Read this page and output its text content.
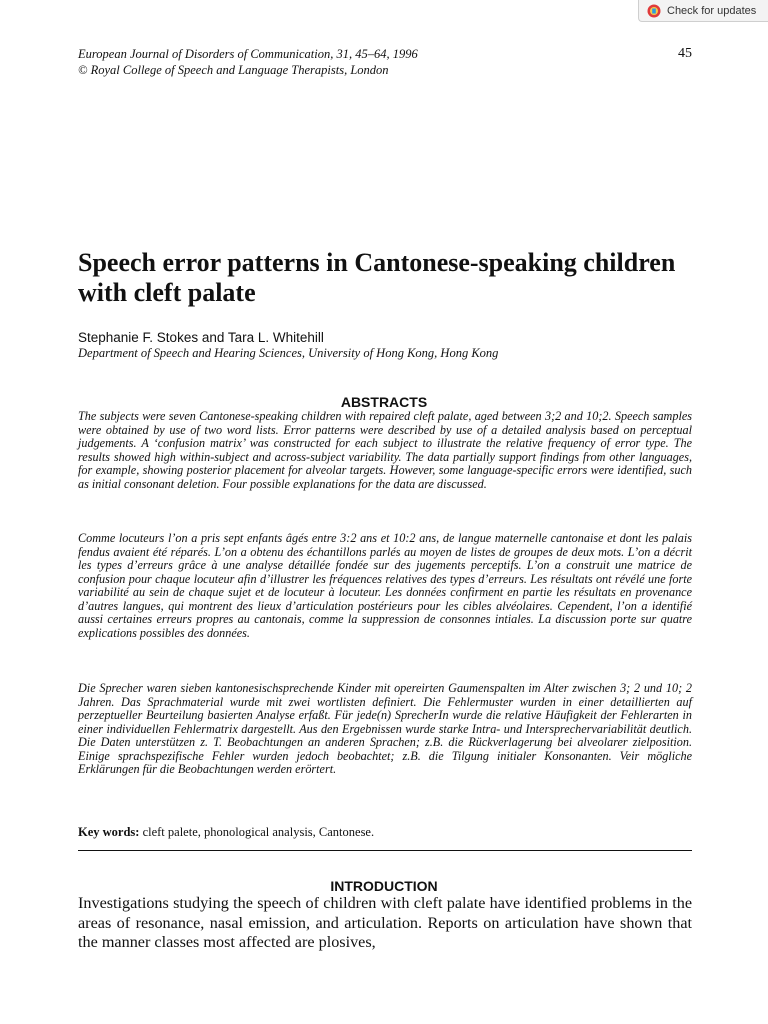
Check for updates
European Journal of Disorders of Communication, 31, 45–64, 1996
© Royal College of Speech and Language Therapists, London
45
Speech error patterns in Cantonese-speaking children with cleft palate
Stephanie F. Stokes and Tara L. Whitehill
Department of Speech and Hearing Sciences, University of Hong Kong, Hong Kong
ABSTRACTS

The subjects were seven Cantonese-speaking children with repaired cleft palate, aged between 3;2 and 10;2. Speech samples were obtained by use of two word lists. Error patterns were described by use of a detailed analysis based on perceptual judgements. A ‘confusion matrix’ was constructed for each subject to illustrate the relative frequency of error type. The results showed high within-subject and across-subject variability. The data partially support findings from other languages, for example, showing posterior placement for alveolar targets. However, some language-specific errors were identified, such as initial consonant deletion. Four possible explanations for the data are discussed.

Comme locuteurs l’on a pris sept enfants âgés entre 3:2 ans et 10:2 ans, de langue maternelle cantonaise et dont les palais fendus avaient été réparés. L’on a obtenu des échantillons parlés au moyen de listes de groupes de deux mots. L’on a décrit les types d’erreurs grâce à une analyse détaillée fondée sur des jugements perceptifs. L’on a construit une matrice de confusion pour chaque locuteur afin d’illustrer les fréquences relatives des types d’erreurs. Les résultats ont révélé une forte variabilité au sein de chaque sujet et de locuteur à locuteur. Les données confirment en partie les résultats en provenance d’autres langues, qui montrent des lieux d’articulation postérieurs pour les cibles alvéolaires. Cependent, l’on a identifié aussi certaines erreurs propres au cantonais, comme la suppression de consonnes intiales. La discussion porte sur quatre explications possibles des données.

Die Sprecher waren sieben kantonesischsprechende Kinder mit opereirten Gaumenspalten im Alter zwischen 3; 2 und 10; 2 Jahren. Das Sprachmaterial wurde mit zwei wortlisten definiert. Die Fehlermuster wurden in einer detaillierten auf perzeptueller Beurteilung basierten Analyse erfaßt. Für jede(n) SprecherIn wurde die relative Häufigkeit der Fehlerarten in einer individuellen Fehlermatrix dargestellt. Aus den Ergebnissen wurde starke Intra- und Intersprechervariabilität deutlich. Die Daten unterstützen z. T. Beobachtungen an anderen Sprachen; z.B. die Rückverlagerung bei alveolarer zielposition. Einige sprachspezifische Fehler wurden jedoch beobachtet; z.B. die Tilgung initialer Konsonanten. Veir mögliche Erklärungen für die Beobachtungen werden erörtert.

Key words: cleft palete, phonological analysis, Cantonese.
INTRODUCTION

Investigations studying the speech of children with cleft palate have identified problems in the areas of resonance, nasal emission, and articulation. Reports on articulation have shown that the manner classes most affected are plosives,
